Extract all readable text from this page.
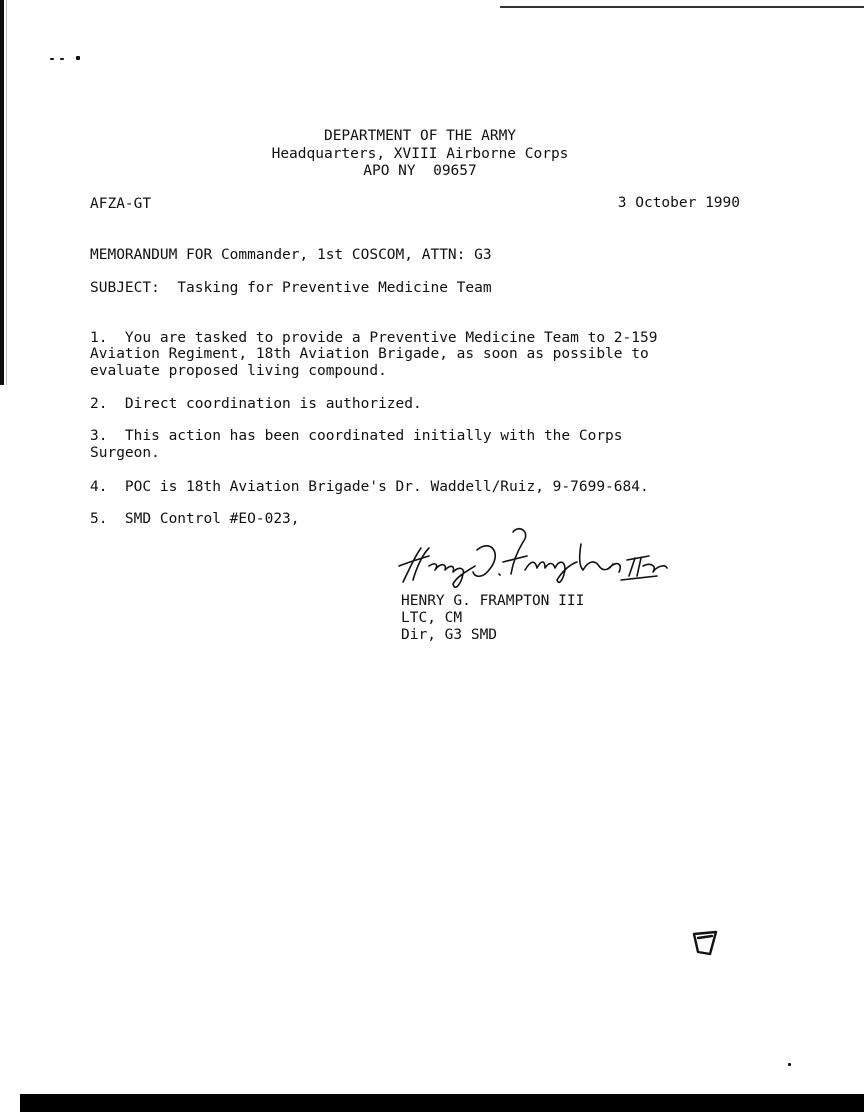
DEPARTMENT OF THE ARMY
Headquarters, XVIII Airborne Corps
APO NY  09657
AFZA-GT	3 October 1990
MEMORANDUM FOR Commander, 1st COSCOM, ATTN: G3
SUBJECT:  Tasking for Preventive Medicine Team
1.  You are tasked to provide a Preventive Medicine Team to 2-159
Aviation Regiment, 18th Aviation Brigade, as soon as possible to
evaluate proposed living compound.
2.  Direct coordination is authorized.
3.  This action has been coordinated initially with the Corps
Surgeon.
4.  POC is 18th Aviation Brigade's Dr. Waddell/Ruiz, 9-7699-684.
5.  SMD Control #EO-023,
HENRY G. FRAMPTON III
LTC, CM
Dir, G3 SMD
